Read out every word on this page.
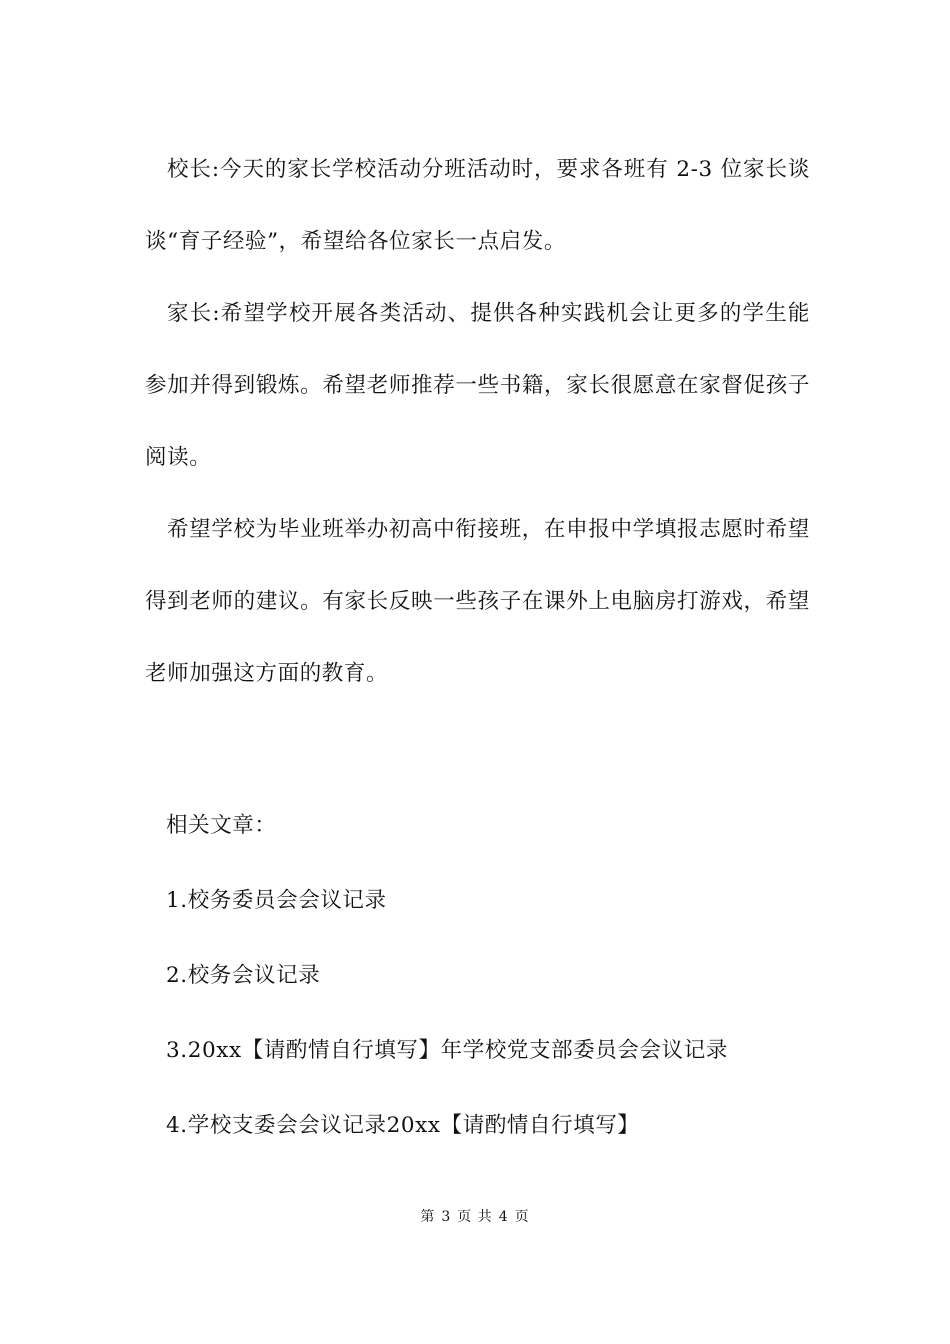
校长:今天的家长学校活动分班活动时，要求各班有 2-3 位家长谈谈“育子经验”，希望给各位家长一点启发。

家长:希望学校开展各类活动、提供各种实践机会让更多的学生能参加并得到锻炼。希望老师推荐一些书籍，家长很愿意在家督促孩子阅读。

希望学校为毕业班举办初高中衔接班，在申报中学填报志愿时希望得到老师的建议。有家长反映一些孩子在课外上电脑房打游戏，希望老师加强这方面的教育。

相关文章：
1.校务委员会会议记录
2.校务会议记录
3.20xx【请酌情自行填写】年学校党支部委员会会议记录
4.学校支委会会议记录20xx【请酌情自行填写】
第 3 页 共 4 页
